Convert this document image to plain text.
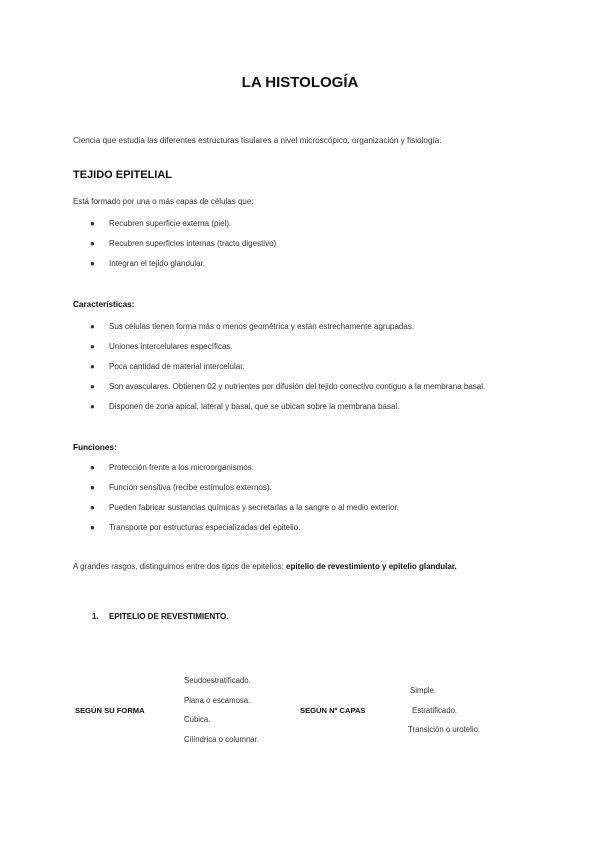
LA HISTOLOGÍA
Ciencia que estudia las diferentes estructuras tisulares a nivel microscópico, organización y fisiología.
TEJIDO EPITELIAL
Está formado por una o más capas de células que:
● Recubren superficie externa (piel).
● Recubren superficies internas (tracto digestivo)
● Integran el tejido glandular.
Características:
● Sus células tienen forma más o menos geométrica y están estrechamente agrupadas.
● Uniones intercelulares específicas.
● Poca cantidad de material intercelular.
● Son avasculares. Obtienen 02 y nutrientes por difusión del tejido conectivo contiguo a la membrana basal.
● Disponen de zona apical, lateral y basal, que se ubican sobre la membrana basal.
Funciones:
● Protección frente a los microorganismos.
● Función sensitiva (recibe estímulos externos).
● Pueden fabricar sustancias químicas y secretarlas a la sangre o al medio exterior.
● Transporte por estructuras especializadas del epitelio.
A grandes rasgos, distinguimos entre dos tipos de epitelios: epitelio de revestimiento y epitelio glandular.
1. EPITELIO DE REVESTIMIENTO.
SEGÚN SU FORMA
Seudoestratificado.
Plana o escamosa.
Cúbica.
Cilíndrica o columnar.
SEGÚN Nº CAPAS
Simple.
Estratificado.
Transición o urotelio.
